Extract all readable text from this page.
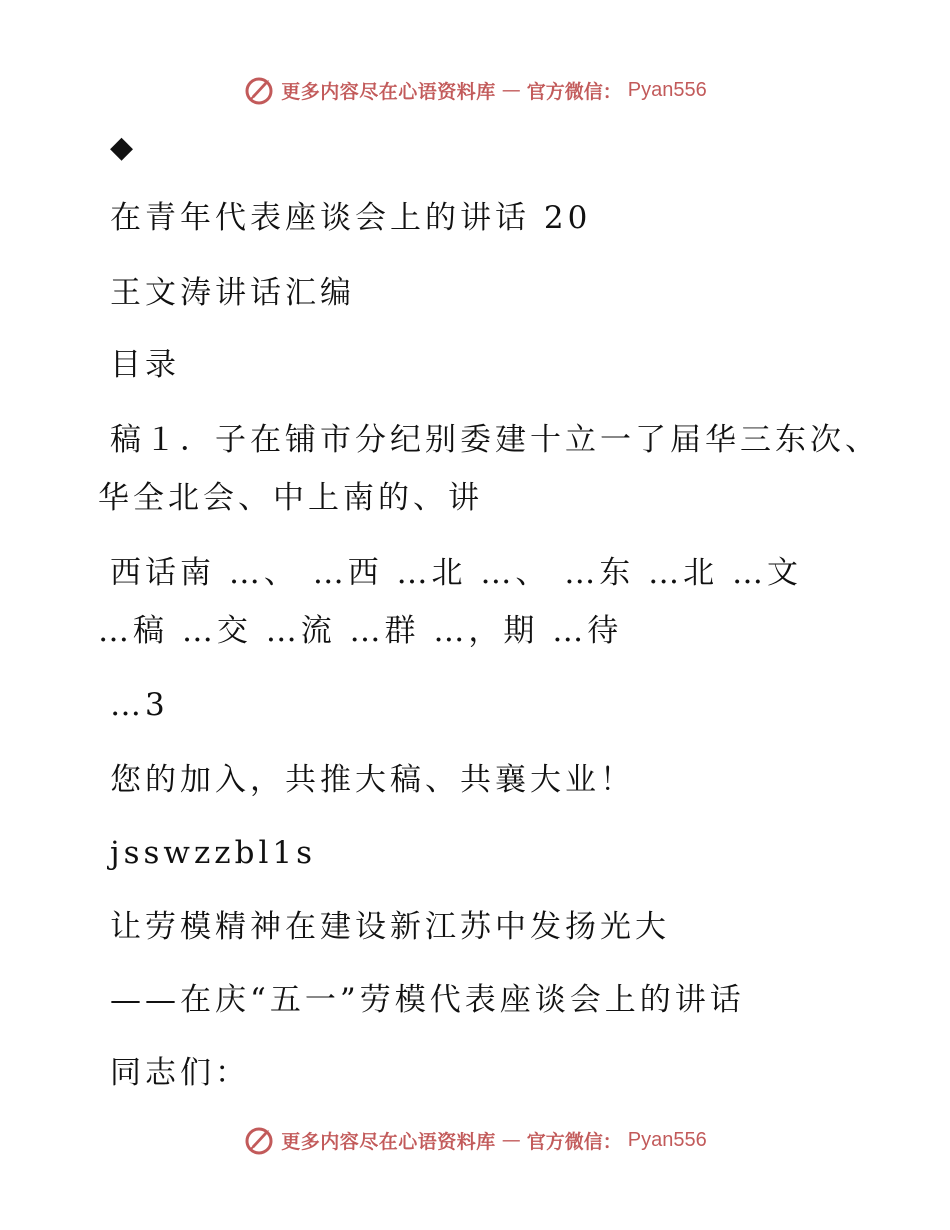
更多内容尽在心语资料库 — 官方微信： Pyan556
◆
在青年代表座谈会上的讲话 20
王文涛讲话汇编
目录
稿１．子在铺市分纪别委建十立一了届华三东次、
华全北会、中上南的、讲
西话南 …、 …西 …北 …、 …东 …北 …文
…稿 …交 …流 …群 …，期 …待
…3
您的加入，共推大稿、共襄大业！
jsswzzbl1s
让劳模精神在建设新江苏中发扬光大
——在庆“五一”劳模代表座谈会上的讲话
同志们：
更多内容尽在心语资料库 — 官方微信： Pyan556
